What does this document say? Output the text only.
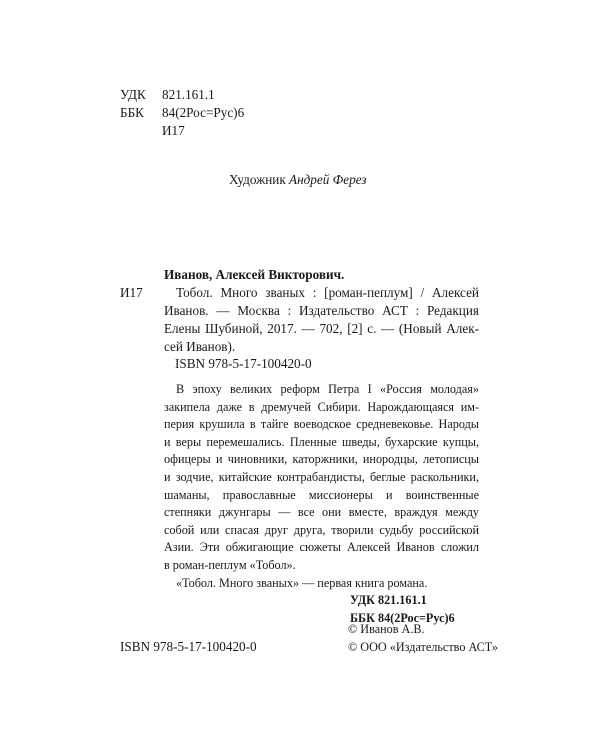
УДК	821.161.1
ББК	84(2Рос=Рус)6
И17
Художник Андрей Ферез
Иванов, Алексей Викторович.
И17	Тобол. Много званых : [роман-пеплум] / Алексей
Иванов. — Москва : Издательство АСТ : Редакция
Елены Шубиной, 2017. — 702, [2] с. — (Новый Алек-
сей Иванов).
ISBN 978-5-17-100420-0
В эпоху великих реформ Петра I «Россия молодая»
закипела даже в дремучей Сибири. Нарождающаяся им-
перия крушила в тайге воеводское средневековье. Народы
и веры перемешались. Пленные шведы, бухарские купцы,
офицеры и чиновники, каторжники, инородцы, летописцы
и зодчие, китайские контрабандисты, беглые раскольники,
шаманы, православные миссионеры и воинственные
степняки джунгары — все они вместе, враждуя между
собой или спасая друг друга, творили судьбу российской
Азии. Эти обжигающие сюжеты Алексей Иванов сложил
в роман-пеплум «Тобол».
«Тобол. Много званых» — первая книга романа.
УДК 821.161.1
ББК 84(2Рос=Рус)6
ISBN 978-5-17-100420-0
© Иванов А.В.
© ООО «Издательство АСТ»
